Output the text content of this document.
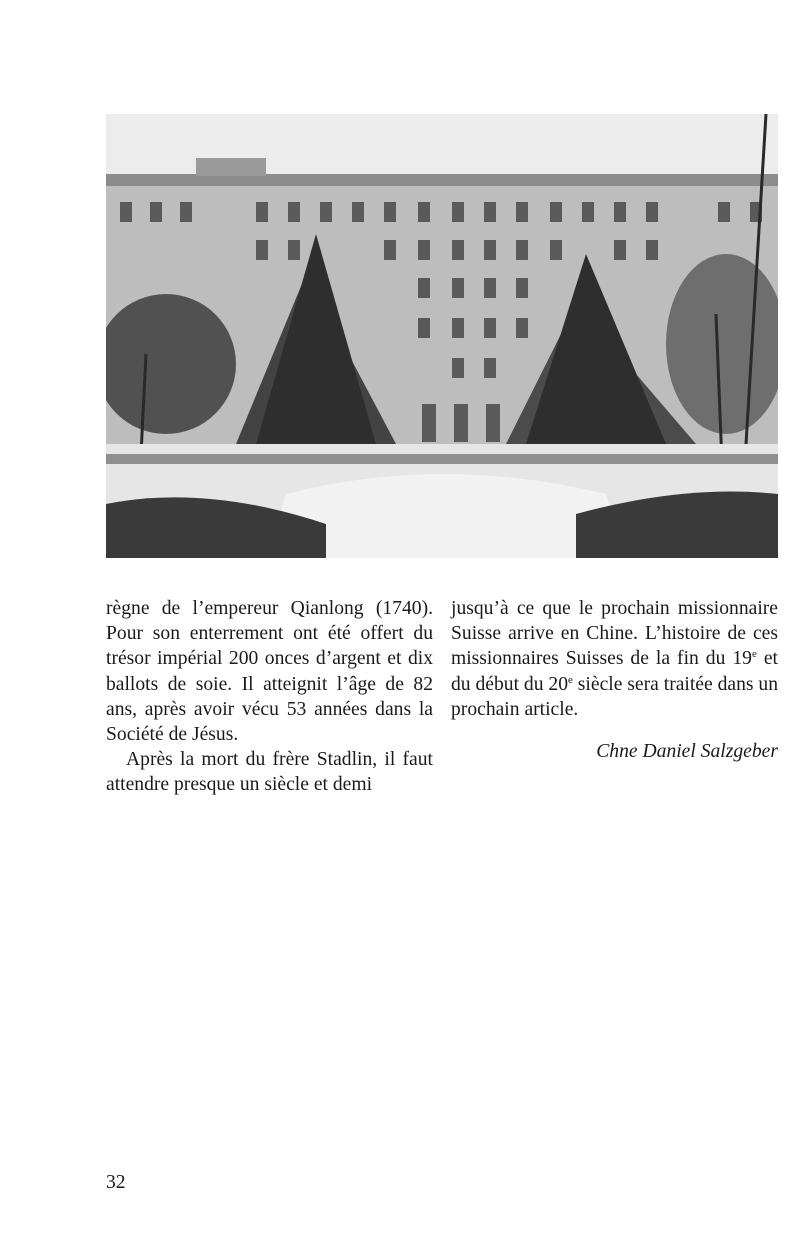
règne de l’empereur Qianlong (1740). Pour son enterrement ont été offert du trésor impérial 200 onces d’argent et dix ballots de soie. Il atteignit l’âge de 82 ans, après avoir vécu 53 années dans la Société de Jésus.

Après la mort du frère Stadlin, il faut attendre presque un siècle et demi

jusqu’à ce que le prochain missionnaire Suisse arrive en Chine. L’histoire de ces missionnaires Suisses de la fin du 19e et du début du 20e siècle sera traitée dans un prochain article.

Chne Daniel Salzgeber

32
